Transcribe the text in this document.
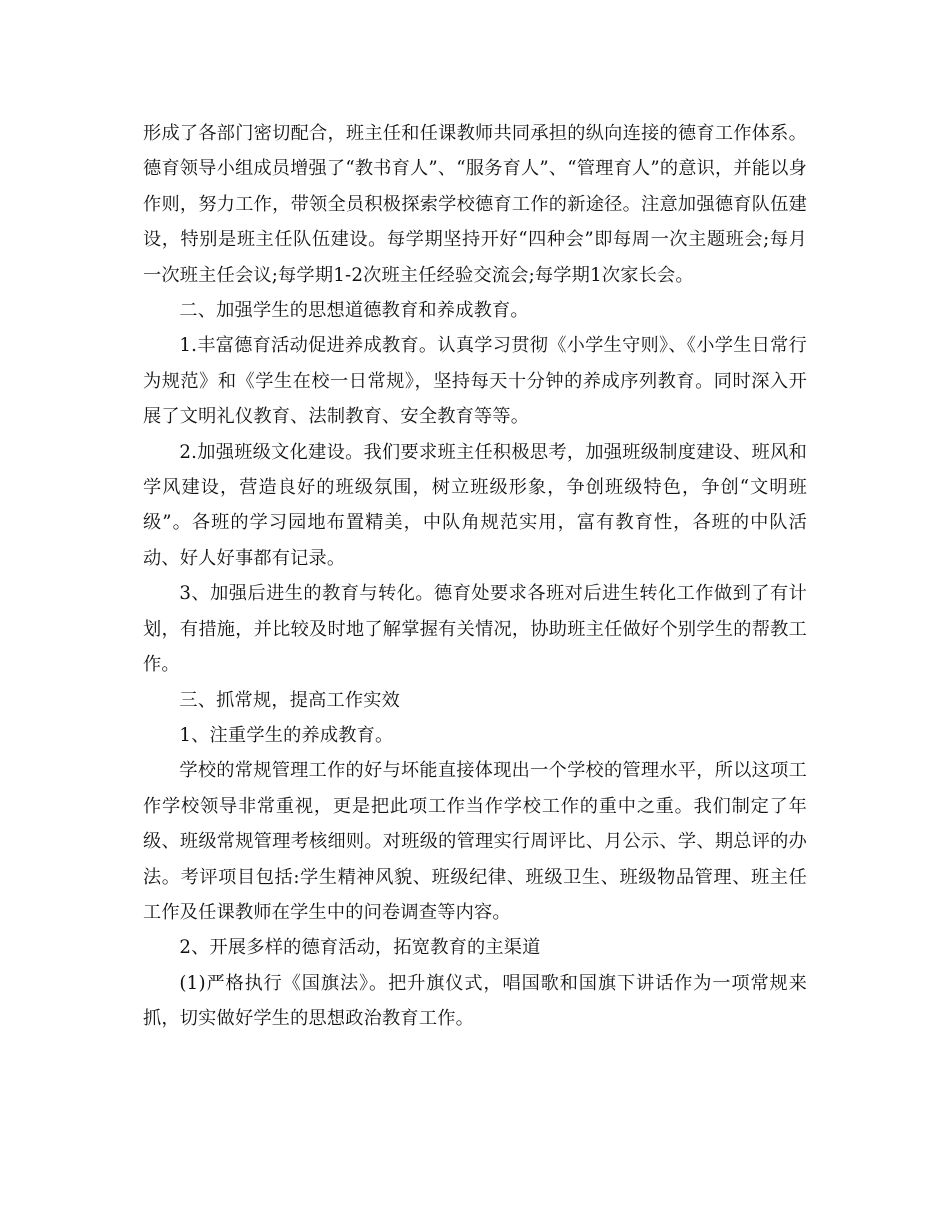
形成了各部门密切配合，班主任和任课教师共同承担的纵向连接的德育工作体系。德育领导小组成员增强了“教书育人”、“服务育人”、“管理育人”的意识，并能以身作则，努力工作，带领全员积极探索学校德育工作的新途径。注意加强德育队伍建设，特别是班主任队伍建设。每学期坚持开好“四种会”即每周一次主题班会;每月一次班主任会议;每学期1-2次班主任经验交流会;每学期1次家长会。

二、加强学生的思想道德教育和养成教育。

1.丰富德育活动促进养成教育。认真学习贯彻《小学生守则》、《小学生日常行为规范》和《学生在校一日常规》，坚持每天十分钟的养成序列教育。同时深入开展了文明礼仪教育、法制教育、安全教育等等。

2.加强班级文化建设。我们要求班主任积极思考，加强班级制度建设、班风和学风建设，营造良好的班级氛围，树立班级形象，争创班级特色，争创“文明班级”。各班的学习园地布置精美，中队角规范实用，富有教育性，各班的中队活动、好人好事都有记录。

3、加强后进生的教育与转化。德育处要求各班对后进生转化工作做到了有计划，有措施，并比较及时地了解掌握有关情况，协助班主任做好个别学生的帮教工作。

三、抓常规，提高工作实效

1、注重学生的养成教育。

学校的常规管理工作的好与坏能直接体现出一个学校的管理水平，所以这项工作学校领导非常重视，更是把此项工作当作学校工作的重中之重。我们制定了年级、班级常规管理考核细则。对班级的管理实行周评比、月公示、学、期总评的办法。考评项目包括:学生精神风貌、班级纪律、班级卫生、班级物品管理、班主任工作及任课教师在学生中的问卷调查等内容。

2、开展多样的德育活动，拓宽教育的主渠道

(1)严格执行《国旗法》。把升旗仪式，唱国歌和国旗下讲话作为一项常规来抓，切实做好学生的思想政治教育工作。
